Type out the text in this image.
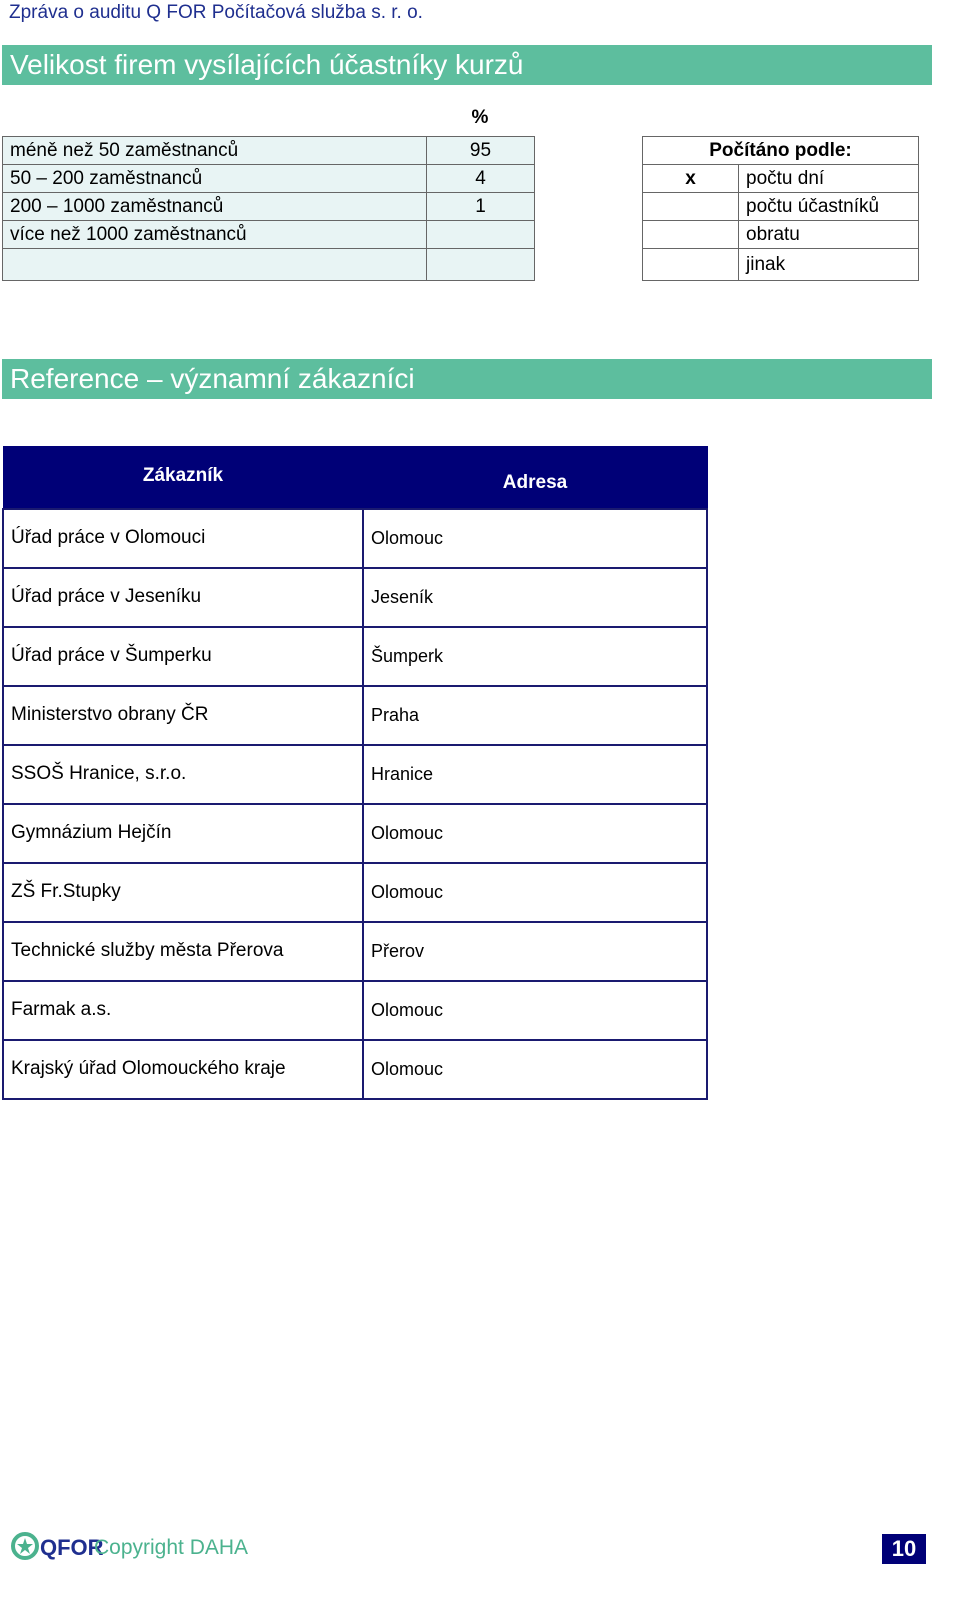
Zpráva o auditu Q FOR Počítačová služba s. r. o.
Velikost firem vysílajících účastníky kurzů
%
méně než 50 zaměstnanců	95
50 – 200 zaměstnanců	4
200 – 1000 zaměstnanců	1
více než 1000 zaměstnanců	

Počítáno podle:	
x	počtu dní
	počtu účastníků
	obratu
	jinak
Reference – významní zákazníci
Zákazník	Adresa
Úřad práce v Olomouci	Olomouc
Úřad práce v Jeseníku	Jeseník
Úřad práce v Šumperku	Šumperk
Ministerstvo obrany ČR	Praha
SSOŠ Hranice, s.r.o.	Hranice
Gymnázium Hejčín	Olomouc
ZŠ Fr.Stupky	Olomouc
Technické služby města Přerova	Přerov
Farmak a.s.	Olomouc
Krajský úřad Olomouckého kraje	Olomouc
QFOR
Copyright DAHA	10
